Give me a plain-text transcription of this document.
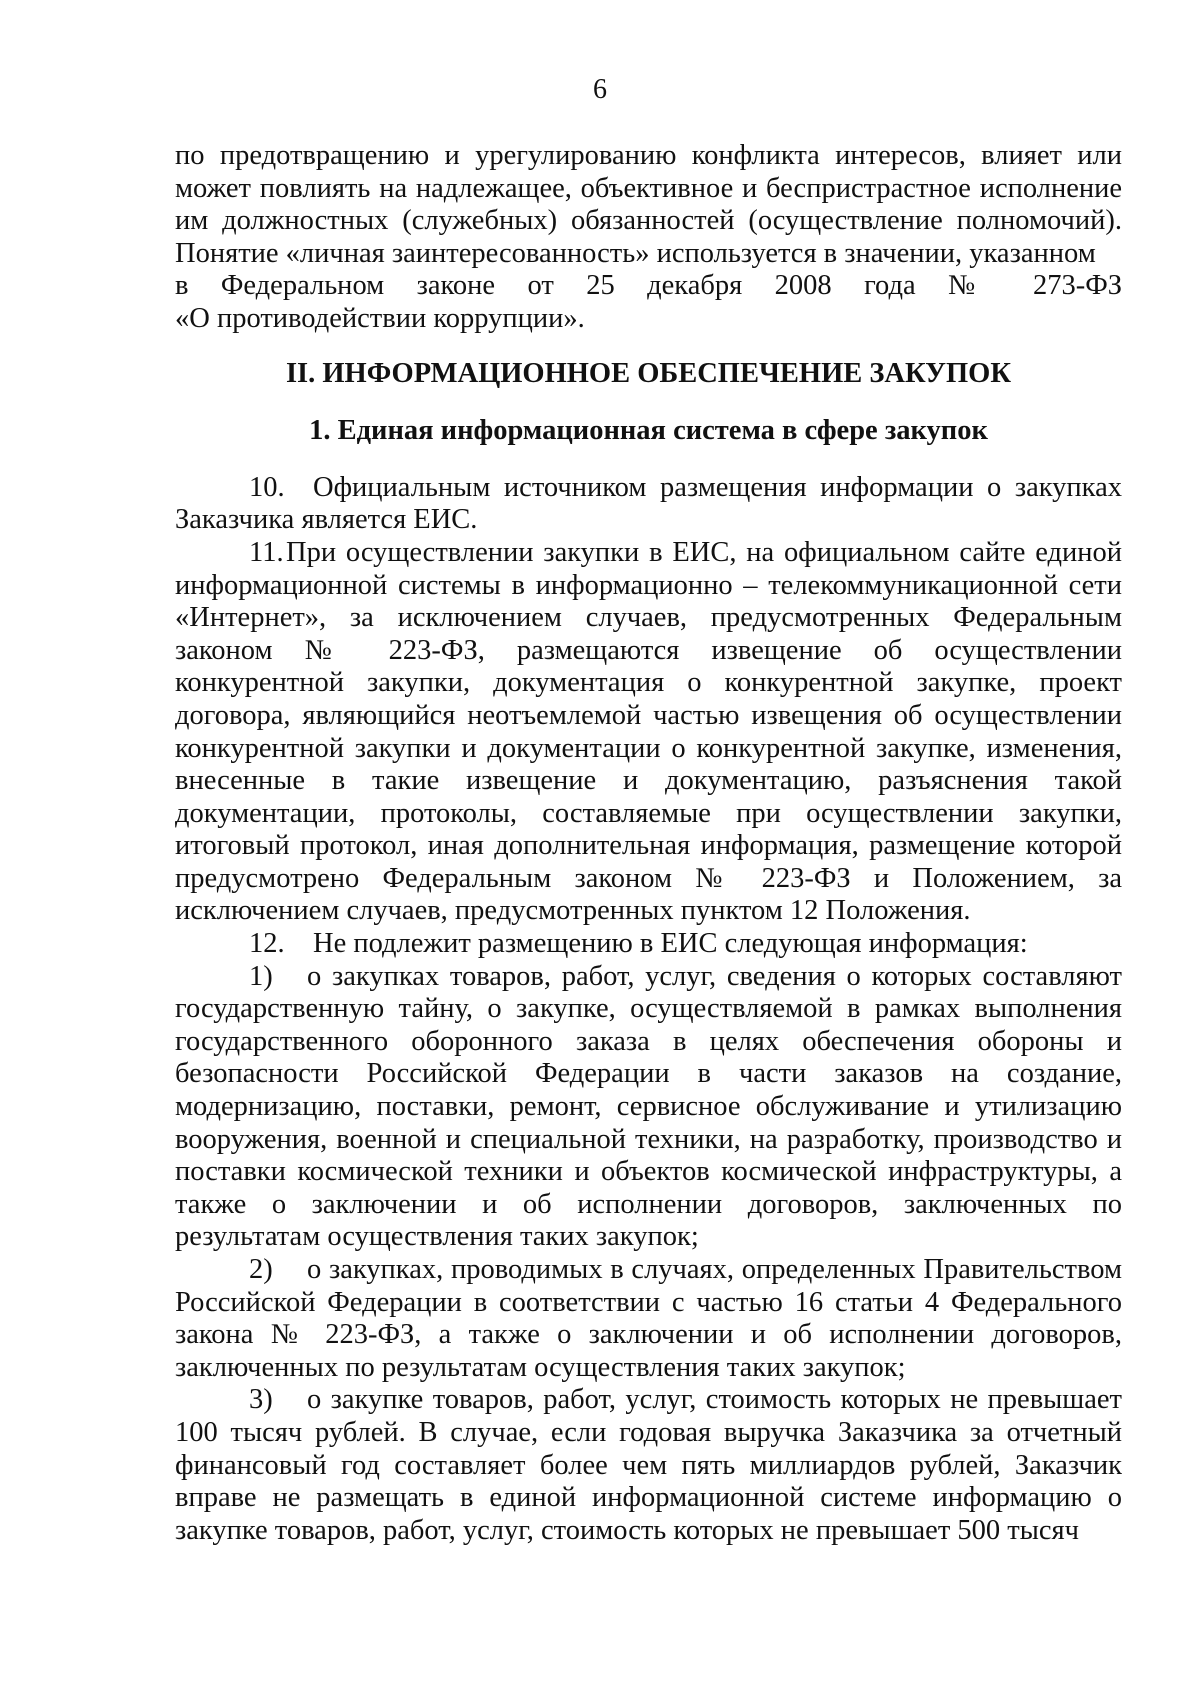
6

по предотвращению и урегулированию конфликта интересов, влияет или может повлиять на надлежащее, объективное и беспристрастное исполнение им должностных (служебных) обязанностей (осуществление полномочий). Понятие «личная заинтересованность» используется в значении, указанном

в Федеральном законе от 25 декабря 2008 года № 273-ФЗ

«О противодействии коррупции».

II. ИНФОРМАЦИОННОЕ ОБЕСПЕЧЕНИЕ ЗАКУПОК
1. Единая информационная система в сфере закупок

10. Официальным источником размещения информации о закупках Заказчика является ЕИС.

11.При осуществлении закупки в ЕИС, на официальном сайте единой информационной системы в информационно – телекоммуникационной сети «Интернет», за исключением случаев, предусмотренных Федеральным законом № 223-ФЗ, размещаются извещение об осуществлении конкурентной закупки, документация о конкурентной закупке, проект договора, являющийся неотъемлемой частью извещения об осуществлении конкурентной закупки и документации о конкурентной закупке, изменения, внесенные в такие извещение и документацию, разъяснения такой документации, протоколы, составляемые при осуществлении закупки, итоговый протокол, иная дополнительная информация, размещение которой предусмотрено Федеральным законом № 223-ФЗ и Положением, за исключением случаев, предусмотренных пунктом 12 Положения.

12. Не подлежит размещению в ЕИС следующая информация:

1) о закупках товаров, работ, услуг, сведения о которых составляют государственную тайну, о закупке, осуществляемой в рамках выполнения государственного оборонного заказа в целях обеспечения обороны и безопасности Российской Федерации в части заказов на создание, модернизацию, поставки, ремонт, сервисное обслуживание и утилизацию вооружения, военной и специальной техники, на разработку, производство и поставки космической техники и объектов космической инфраструктуры, а также о заключении и об исполнении договоров, заключенных по результатам осуществления таких закупок;

2) о закупках, проводимых в случаях, определенных Правительством Российской Федерации в соответствии с частью 16 статьи 4 Федерального закона № 223-ФЗ, а также о заключении и об исполнении договоров, заключенных по результатам осуществления таких закупок;

3) о закупке товаров, работ, услуг, стоимость которых не превышает 100 тысяч рублей. В случае, если годовая выручка Заказчика за отчетный финансовый год составляет более чем пять миллиардов рублей, Заказчик вправе не размещать в единой информационной системе информацию о закупке товаров, работ, услуг, стоимость которых не превышает 500 тысяч
